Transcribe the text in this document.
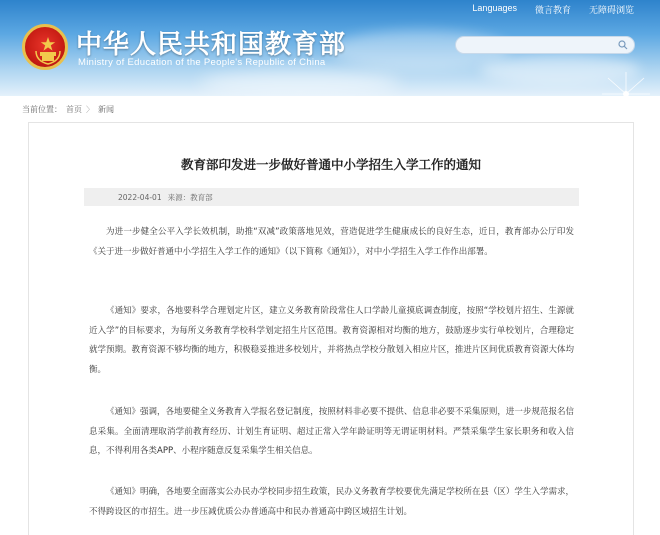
中华人民共和国教育部
Ministry of Education of the People's Republic of China
Languages 微言教育 无障碍浏览
当前位置： 首页 〉 新闻
教育部印发进一步做好普通中小学招生入学工作的通知
2022-04-01 来源：教育部

为进一步健全公平入学长效机制，助推“双减”政策落地见效，营造促进学生健康成长的良好生态，近日，教育部办公厅印发《关于进一步做好普通中小学招生入学工作的通知》（以下简称《通知》），对中小学招生入学工作作出部署。

《通知》要求，各地要科学合理划定片区，建立义务教育阶段常住人口学龄儿童摸底调查制度，按照“学校划片招生、生源就近入学”的目标要求，为每所义务教育学校科学划定招生片区范围。教育资源相对均衡的地方，鼓励逐步实行单校划片，合理稳定就学预期。教育资源不够均衡的地方，积极稳妥推进多校划片，并将热点学校分散划入相应片区，推进片区间优质教育资源大体均衡。

《通知》强调，各地要健全义务教育入学报名登记制度，按照材料非必要不提供、信息非必要不采集原则，进一步规范报名信息采集。全面清理取消学前教育经历、计划生育证明、超过正常入学年龄证明等无谓证明材料。严禁采集学生家长职务和收入信息，不得利用各类APP、小程序随意反复采集学生相关信息。

《通知》明确，各地要全面落实公办民办学校同步招生政策，民办义务教育学校要优先满足学校所在县（区）学生入学需求，不得跨设区的市招生。进一步压减优质公办普通高中和民办普通高中跨区域招生计划。
